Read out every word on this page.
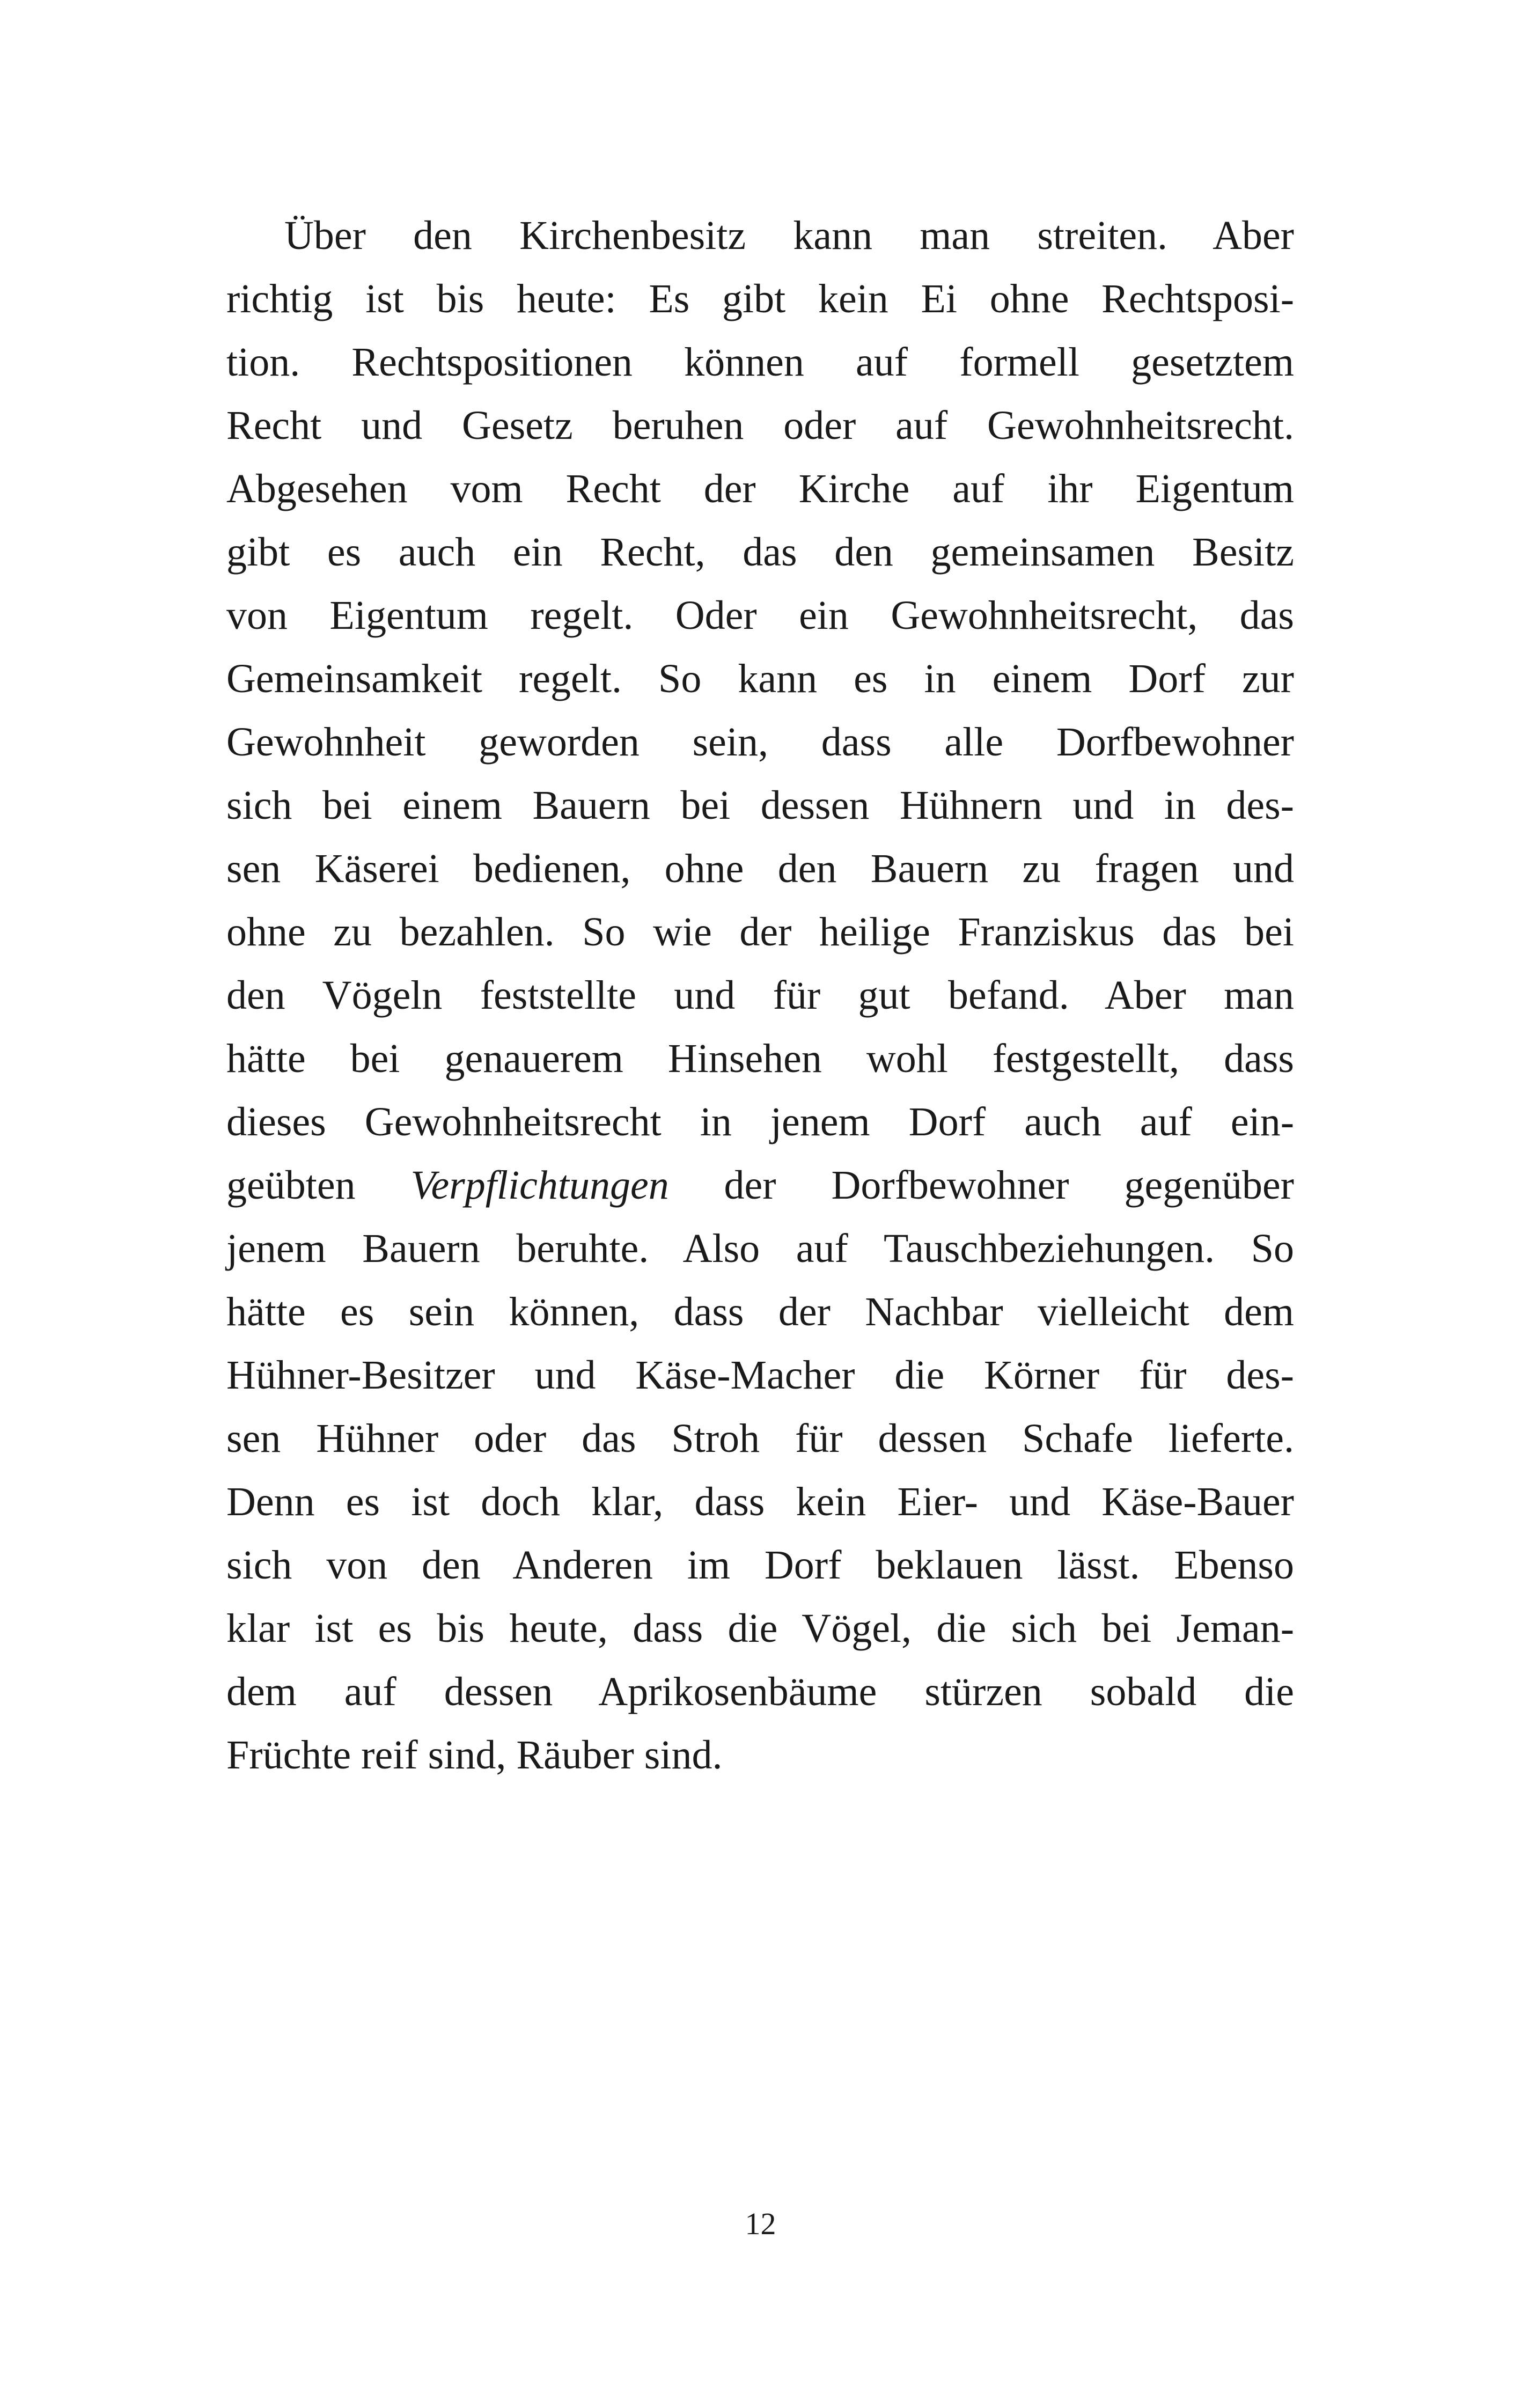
Über den Kirchenbesitz kann man streiten. Aber
richtig ist bis heute: Es gibt kein Ei ohne Rechtsposi-
tion. Rechtspositionen können auf formell gesetztem
Recht und Gesetz beruhen oder auf Gewohnheitsrecht.
Abgesehen vom Recht der Kirche auf ihr Eigentum
gibt es auch ein Recht, das den gemeinsamen Besitz
von Eigentum regelt. Oder ein Gewohnheitsrecht, das
Gemeinsamkeit regelt. So kann es in einem Dorf zur
Gewohnheit geworden sein, dass alle Dorfbewohner
sich bei einem Bauern bei dessen Hühnern und in des-
sen Käserei bedienen, ohne den Bauern zu fragen und
ohne zu bezahlen. So wie der heilige Franziskus das bei
den Vögeln feststellte und für gut befand. Aber man
hätte bei genauerem Hinsehen wohl festgestellt, dass
dieses Gewohnheitsrecht in jenem Dorf auch auf ein-
geübten Verpflichtungen der Dorfbewohner gegenüber
jenem Bauern beruhte. Also auf Tauschbeziehungen. So
hätte es sein können, dass der Nachbar vielleicht dem
Hühner-Besitzer und Käse-Macher die Körner für des-
sen Hühner oder das Stroh für dessen Schafe lieferte.
Denn es ist doch klar, dass kein Eier- und Käse-Bauer
sich von den Anderen im Dorf beklauen lässt. Ebenso
klar ist es bis heute, dass die Vögel, die sich bei Jeman-
dem auf dessen Aprikosenbäume stürzen sobald die
Früchte reif sind, Räuber sind.
12
